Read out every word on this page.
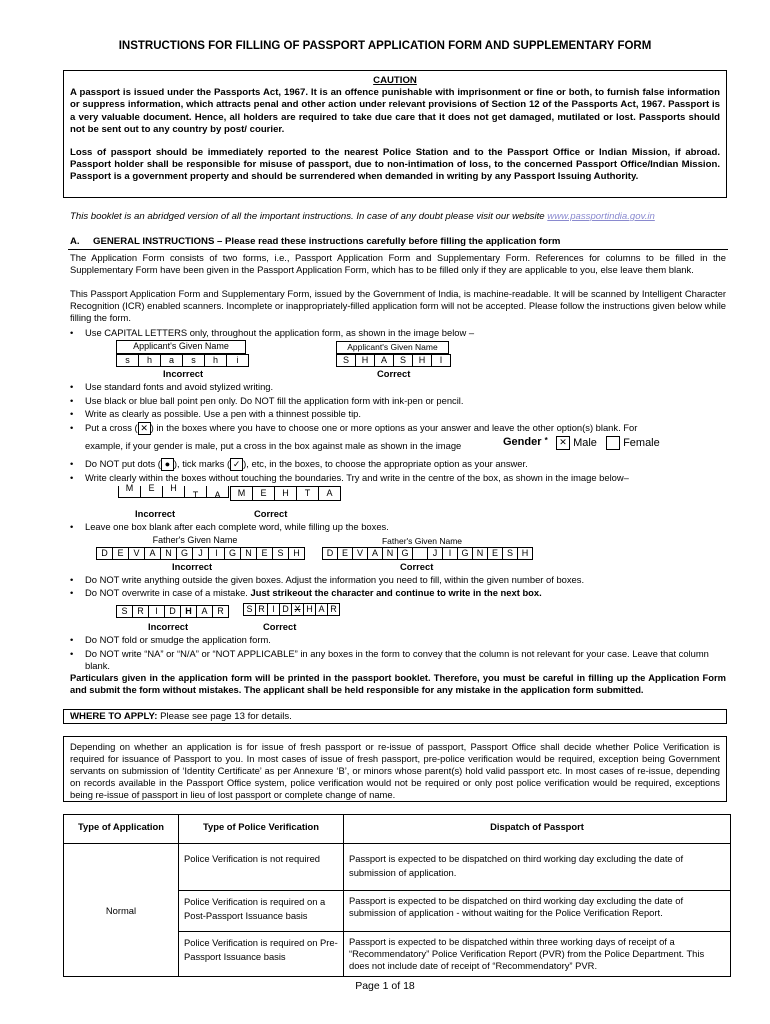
INSTRUCTIONS FOR FILLING OF PASSPORT APPLICATION FORM AND SUPPLEMENTARY FORM
CAUTION

A passport is issued under the Passports Act, 1967. It is an offence punishable with imprisonment or fine or both, to furnish false information or suppress information, which attracts penal and other action under relevant provisions of Section 12 of the Passports Act, 1967. Passport is a very valuable document. Hence, all holders are required to take due care that it does not get damaged, mutilated or lost. Passports should not be sent out to any country by post/ courier.

Loss of passport should be immediately reported to the nearest Police Station and to the Passport Office or Indian Mission, if abroad. Passport holder shall be responsible for misuse of passport, due to non-intimation of loss, to the concerned Passport Office/Indian Mission. Passport is a government property and should be surrendered when demanded in writing by any Passport Issuing Authority.

This booklet is an abridged version of all the important instructions. In case of any doubt please visit our website www.passportindia.gov.in
A. GENERAL INSTRUCTIONS – Please read these instructions carefully before filling the application form
The Application Form consists of two forms, i.e., Passport Application Form and Supplementary Form. References for columns to be filled in the Supplementary Form have been given in the Passport Application Form, which has to be filled only if they are applicable to you, else leave them blank.
This Passport Application Form and Supplementary Form, issued by the Government of India, is machine-readable. It will be scanned by Intelligent Character Recognition (ICR) enabled scanners. Incomplete or inappropriately-filled application form will not be accepted. Please follow the instructions given below while filling the form.
• Use CAPITAL LETTERS only, throughout the application form, as shown in the image below –
Applicant's Given Name
s	h	a	s	h	i
Incorrect
Applicant's Given Name
S	H	A	S	H	I
Correct
• Use standard fonts and avoid stylized writing.
• Use black or blue ball point pen only. Do NOT fill the application form with ink-pen or pencil.
• Write as clearly as possible. Use a pen with a thinnest possible tip.
• Put a cross ( ✕ ) in the boxes where you have to choose one or more options as your answer and leave the other option(s) blank. For
example, if your gender is male, put a cross in the box against male as shown in the image	Gender *	✕ Male	Female
• Do NOT put dots ( ● ), tick marks ( ✓ ), etc, in the boxes, to choose the appropriate option as your answer.
• Write clearly within the boxes without touching the boundaries. Try and write in the centre of the box, as shown in the image below–
M	E	H
T	A	M	E	H	T	A
Incorrect	Correct
• Leave one box blank after each complete word, while filling up the boxes.
Father's Given Name
D	E	V	A	N	G	J	I	G	N	E	S	H
Incorrect
Father's Given Name
D E V A N G	J	I	G N E S H
Correct
• Do NOT write anything outside the given boxes. Adjust the information you need to fill, within the given number of boxes.
• Do NOT overwrite in case of a mistake. Just strikeout the character and continue to write in the next box.
S	R	I	D	H	A	R	S R I D X H A R
Incorrect	Correct
• Do NOT fold or smudge the application form.
• Do NOT write “NA” or “N/A” or “NOT APPLICABLE” in any boxes in the form to convey that the column is not relevant for your case. Leave that column blank.
Particulars given in the application form will be printed in the passport booklet. Therefore, you must be careful in filling up the Application Form and submit the form without mistakes. The applicant shall be held responsible for any mistake in the application form submitted.
WHERE TO APPLY: Please see page 13 for details.
Depending on whether an application is for issue of fresh passport or re-issue of passport, Passport Office shall decide whether Police Verification is required for issuance of Passport to you. In most cases of issue of fresh passport, pre-police verification would be required, exception being Government servants on submission of ‘Identity Certificate’ as per Annexure ‘B’, or minors whose parent(s) hold valid passport etc. In most cases of re-issue, depending on records available in the Passport Office system, police verification would not be required or only post police verification would be required, exceptions being re-issue of passport in lieu of lost passport or complete change of name.
Type of Application	Type of Police Verification	Dispatch of Passport
Normal	Police Verification is not required	Passport is expected to be dispatched on third working day excluding the date of submission of application.
	Police Verification is required on a Post-Passport Issuance basis	Passport is expected to be dispatched on third working day excluding the date of submission of application - without waiting for the Police Verification Report.
	Police Verification is required on Pre-Passport Issuance basis	Passport is expected to be dispatched within three working days of receipt of a “Recommendatory” Police Verification Report (PVR) from the Police Department. This does not include date of receipt of “Recommendatory” PVR.
Page 1 of 18
